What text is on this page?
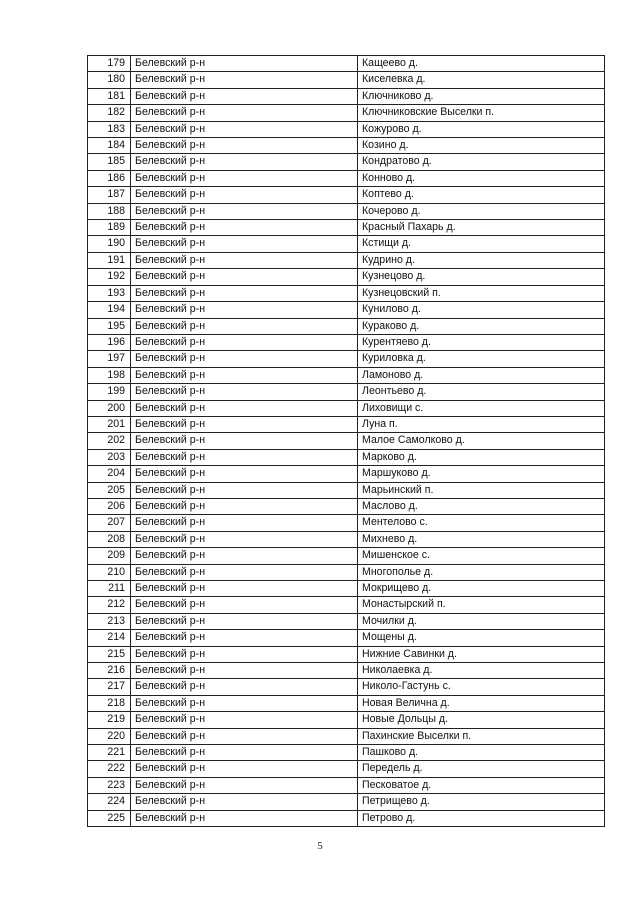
179	Белевский р-н	Кащеево д.
180	Белевский р-н	Киселевка д.
181	Белевский р-н	Ключниково д.
182	Белевский р-н	Ключниковские Выселки п.
183	Белевский р-н	Кожурово д.
184	Белевский р-н	Козино д.
185	Белевский р-н	Кондратово д.
186	Белевский р-н	Конново д.
187	Белевский р-н	Коптево д.
188	Белевский р-н	Кочерово д.
189	Белевский р-н	Красный Пахарь д.
190	Белевский р-н	Кстищи д.
191	Белевский р-н	Кудрино д.
192	Белевский р-н	Кузнецово д.
193	Белевский р-н	Кузнецовский п.
194	Белевский р-н	Кунилово д.
195	Белевский р-н	Кураково д.
196	Белевский р-н	Курентяево д.
197	Белевский р-н	Куриловка д.
198	Белевский р-н	Ламоново д.
199	Белевский р-н	Леонтьево д.
200	Белевский р-н	Лиховищи с.
201	Белевский р-н	Луна п.
202	Белевский р-н	Малое Самолково д.
203	Белевский р-н	Марково д.
204	Белевский р-н	Маршуково д.
205	Белевский р-н	Марьинский п.
206	Белевский р-н	Маслово д.
207	Белевский р-н	Ментелово с.
208	Белевский р-н	Михнево д.
209	Белевский р-н	Мишенское с.
210	Белевский р-н	Многополье д.
211	Белевский р-н	Мокрищево д.
212	Белевский р-н	Монастырский п.
213	Белевский р-н	Мочилки д.
214	Белевский р-н	Мощены д.
215	Белевский р-н	Нижние Савинки д.
216	Белевский р-н	Николаевка д.
217	Белевский р-н	Николо-Гастунь с.
218	Белевский р-н	Новая Велична д.
219	Белевский р-н	Новые Дольцы д.
220	Белевский р-н	Пахинские Выселки п.
221	Белевский р-н	Пашково д.
222	Белевский р-н	Передель д.
223	Белевский р-н	Песковатое д.
224	Белевский р-н	Петрищево д.
225	Белевский р-н	Петрово д.
5
